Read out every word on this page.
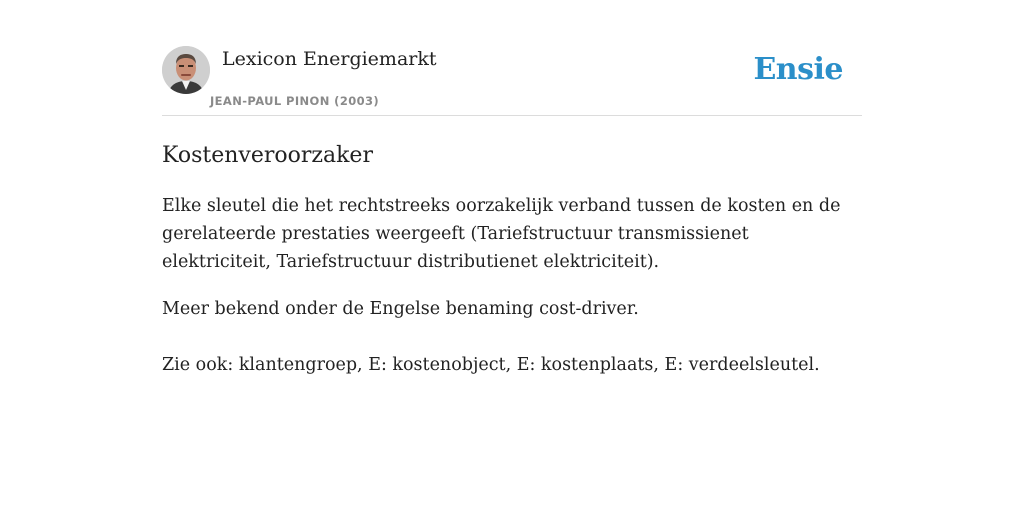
Lexicon Energiemarkt
JEAN-PAUL PINON (2003)
Ensie
Kostenveroorzaker

Elke sleutel die het rechtstreeks oorzakelijk verband tussen de kosten en de gerelateerde prestaties weergeeft (Tariefstructuur transmissienet elektriciteit, Tariefstructuur distributienet elektriciteit).

Meer bekend onder de Engelse benaming cost-driver.

Zie ook: klantengroep, E: kostenobject, E: kostenplaats, E: verdeelsleutel.
